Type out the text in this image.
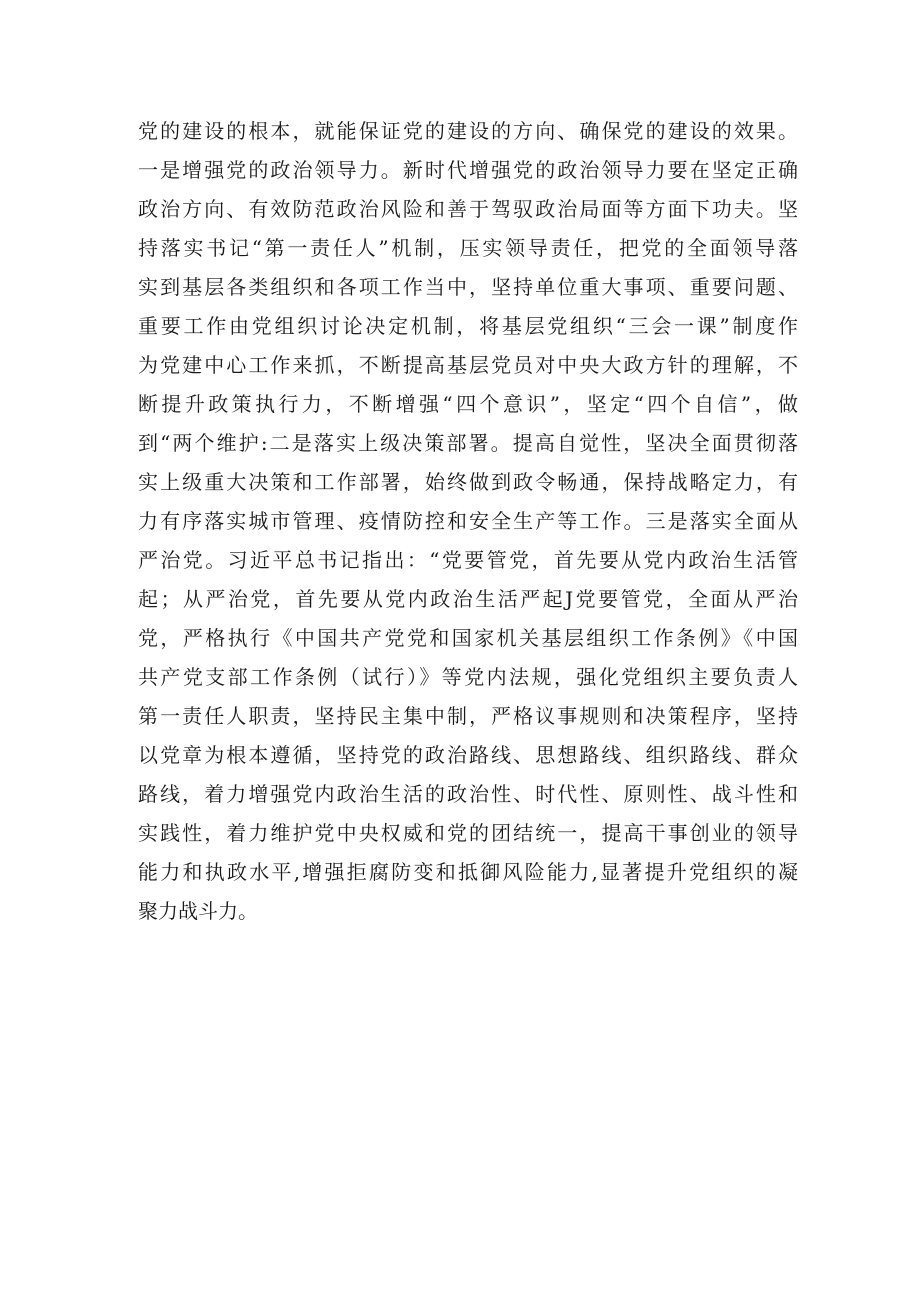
党的建设的根本，就能保证党的建设的方向、确保党的建设的效果。
一是增强党的政治领导力。新时代增强党的政治领导力要在坚定正确
政治方向、有效防范政治风险和善于驾驭政治局面等方面下功夫。坚
持落实书记“第一责任人”机制，压实领导责任，把党的全面领导落
实到基层各类组织和各项工作当中，坚持单位重大事项、重要问题、
重要工作由党组织讨论决定机制，将基层党组织“三会一课”制度作
为党建中心工作来抓，不断提高基层党员对中央大政方针的理解，不
断提升政策执行力，不断增强“四个意识”，坚定“四个自信”，做
到“两个维护:二是落实上级决策部署。提高自觉性，坚决全面贯彻落
实上级重大决策和工作部署，始终做到政令畅通，保持战略定力，有
力有序落实城市管理、疫情防控和安全生产等工作。三是落实全面从
严治党。习近平总书记指出：“党要管党，首先要从党内政治生活管
起；从严治党，首先要从党内政治生活严起J党要管党，全面从严治
党，严格执行《中国共产党党和国家机关基层组织工作条例》《中国
共产党支部工作条例（试行）》等党内法规，强化党组织主要负责人
第一责任人职责，坚持民主集中制，严格议事规则和决策程序，坚持
以党章为根本遵循，坚持党的政治路线、思想路线、组织路线、群众
路线，着力增强党内政治生活的政治性、时代性、原则性、战斗性和
实践性，着力维护党中央权威和党的团结统一，提高干事创业的领导
能力和执政水平,增强拒腐防变和抵御风险能力,显著提升党组织的凝
聚力战斗力。
